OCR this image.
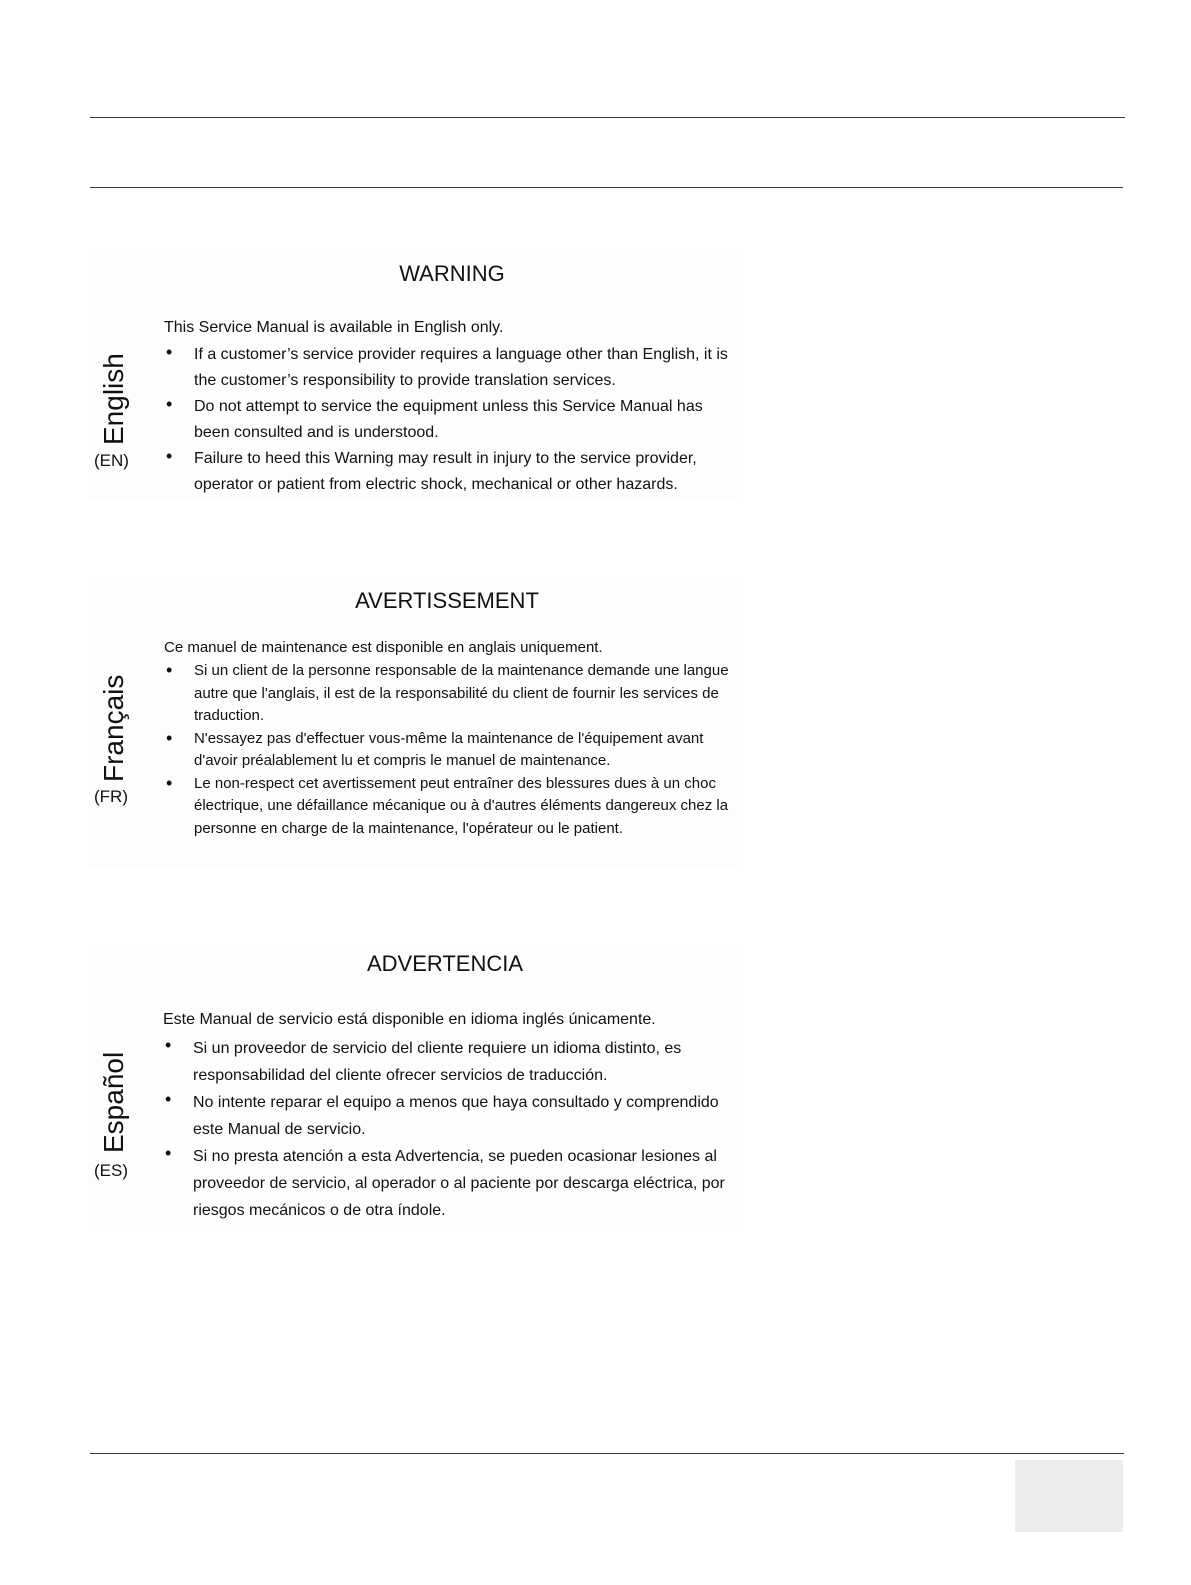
English
(EN)
WARNING
This Service Manual is available in English only.
• If a customer’s service provider requires a language other than English, it is the customer’s responsibility to provide translation services.
• Do not attempt to service the equipment unless this Service Manual has been consulted and is understood.
• Failure to heed this Warning may result in injury to the service provider, operator or patient from electric shock, mechanical or other hazards.
Français
(FR)
AVERTISSEMENT
Ce manuel de maintenance est disponible en anglais uniquement.
• Si un client de la personne responsable de la maintenance demande une langue autre que l'anglais, il est de la responsabilité du client de fournir les services de traduction.
• N'essayez pas d'effectuer vous-même la maintenance de l'équipement avant d'avoir préalablement lu et compris le manuel de maintenance.
• Le non-respect cet avertissement peut entraîner des blessures dues à un choc électrique, une défaillance mécanique ou à d'autres éléments dangereux chez la personne en charge de la maintenance, l'opérateur ou le patient.
Español
(ES)
ADVERTENCIA
Este Manual de servicio está disponible en idioma inglés únicamente.
• Si un proveedor de servicio del cliente requiere un idioma distinto, es responsabilidad del cliente ofrecer servicios de traducción.
• No intente reparar el equipo a menos que haya consultado y comprendido este Manual de servicio.
• Si no presta atención a esta Advertencia, se pueden ocasionar lesiones al proveedor de servicio, al operador o al paciente por descarga eléctrica, por riesgos mecánicos o de otra índole.
